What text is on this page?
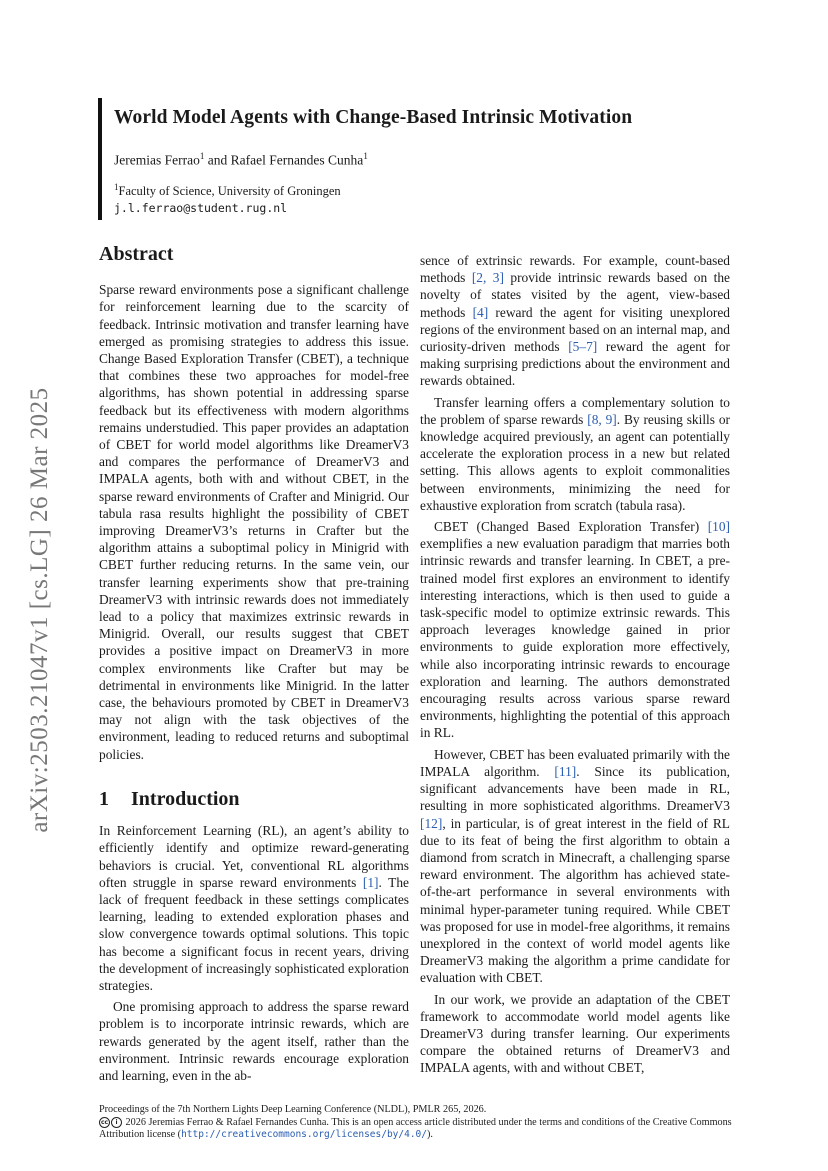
arXiv:2503.21047v1 [cs.LG] 26 Mar 2025
World Model Agents with Change-Based Intrinsic Motivation
Jeremias Ferrao$^1$ and Rafael Fernandes Cunha$^1$
$^1$Faculty of Science, University of Groningen
j.l.ferrao@student.rug.nl
Abstract

Sparse reward environments pose a significant challenge for reinforcement learning due to the scarcity of feedback. Intrinsic motivation and transfer learning have emerged as promising strategies to address this issue. Change Based Exploration Transfer (CBET), a technique that combines these two approaches for model-free algorithms, has shown potential in addressing sparse feedback but its effectiveness with modern algorithms remains understudied. This paper provides an adaptation of CBET for world model algorithms like DreamerV3 and compares the performance of DreamerV3 and IMPALA agents, both with and without CBET, in the sparse reward environments of Crafter and Minigrid. Our tabula rasa results highlight the possibility of CBET improving DreamerV3’s returns in Crafter but the algorithm attains a suboptimal policy in Minigrid with CBET further reducing returns. In the same vein, our transfer learning experiments show that pre-training DreamerV3 with intrinsic rewards does not immediately lead to a policy that maximizes extrinsic rewards in Minigrid. Overall, our results suggest that CBET provides a positive impact on DreamerV3 in more complex environments like Crafter but may be detrimental in environments like Minigrid. In the latter case, the behaviours promoted by CBET in DreamerV3 may not align with the task objectives of the environment, leading to reduced returns and suboptimal policies.

1 Introduction

In Reinforcement Learning (RL), an agent’s ability to efficiently identify and optimize reward-generating behaviors is crucial. Yet, conventional RL algorithms often struggle in sparse reward environments [1]. The lack of frequent feedback in these settings complicates learning, leading to extended exploration phases and slow convergence towards optimal solutions. This topic has become a significant focus in recent years, driving the development of increasingly sophisticated exploration strategies.

One promising approach to address the sparse reward problem is to incorporate intrinsic rewards, which are rewards generated by the agent itself, rather than the environment. Intrinsic rewards encourage exploration and learning, even in the ab-

sence of extrinsic rewards. For example, count-based methods [2, 3] provide intrinsic rewards based on the novelty of states visited by the agent, view-based methods [4] reward the agent for visiting unexplored regions of the environment based on an internal map, and curiosity-driven methods [5–7] reward the agent for making surprising predictions about the environment and rewards obtained.

Transfer learning offers a complementary solution to the problem of sparse rewards [8, 9]. By reusing skills or knowledge acquired previously, an agent can potentially accelerate the exploration process in a new but related setting. This allows agents to exploit commonalities between environments, minimizing the need for exhaustive exploration from scratch (tabula rasa).

CBET (Changed Based Exploration Transfer) [10] exemplifies a new evaluation paradigm that marries both intrinsic rewards and transfer learning. In CBET, a pre-trained model first explores an environment to identify interesting interactions, which is then used to guide a task-specific model to optimize extrinsic rewards. This approach leverages knowledge gained in prior environments to guide exploration more effectively, while also incorporating intrinsic rewards to encourage exploration and learning. The authors demonstrated encouraging results across various sparse reward environments, highlighting the potential of this approach in RL.

However, CBET has been evaluated primarily with the IMPALA algorithm. [11]. Since its publication, significant advancements have been made in RL, resulting in more sophisticated algorithms. DreamerV3 [12], in particular, is of great interest in the field of RL due to its feat of being the first algorithm to obtain a diamond from scratch in Minecraft, a challenging sparse reward environment. The algorithm has achieved state-of-the-art performance in several environments with minimal hyper-parameter tuning required. While CBET was proposed for use in model-free algorithms, it remains unexplored in the context of world model agents like DreamerV3 making the algorithm a prime candidate for evaluation with CBET.

In our work, we provide an adaptation of the CBET framework to accommodate world model agents like DreamerV3 during transfer learning. Our experiments compare the obtained returns of DreamerV3 and IMPALA agents, with and without CBET,

Proceedings of the 7th Northern Lights Deep Learning Conference (NLDL), PMLR 265, 2026.
cc i 2026 Jeremias Ferrao & Rafael Fernandes Cunha. This is an open access article distributed under the terms and conditions of the Creative Commons Attribution license (http://creativecommons.org/licenses/by/4.0/).
